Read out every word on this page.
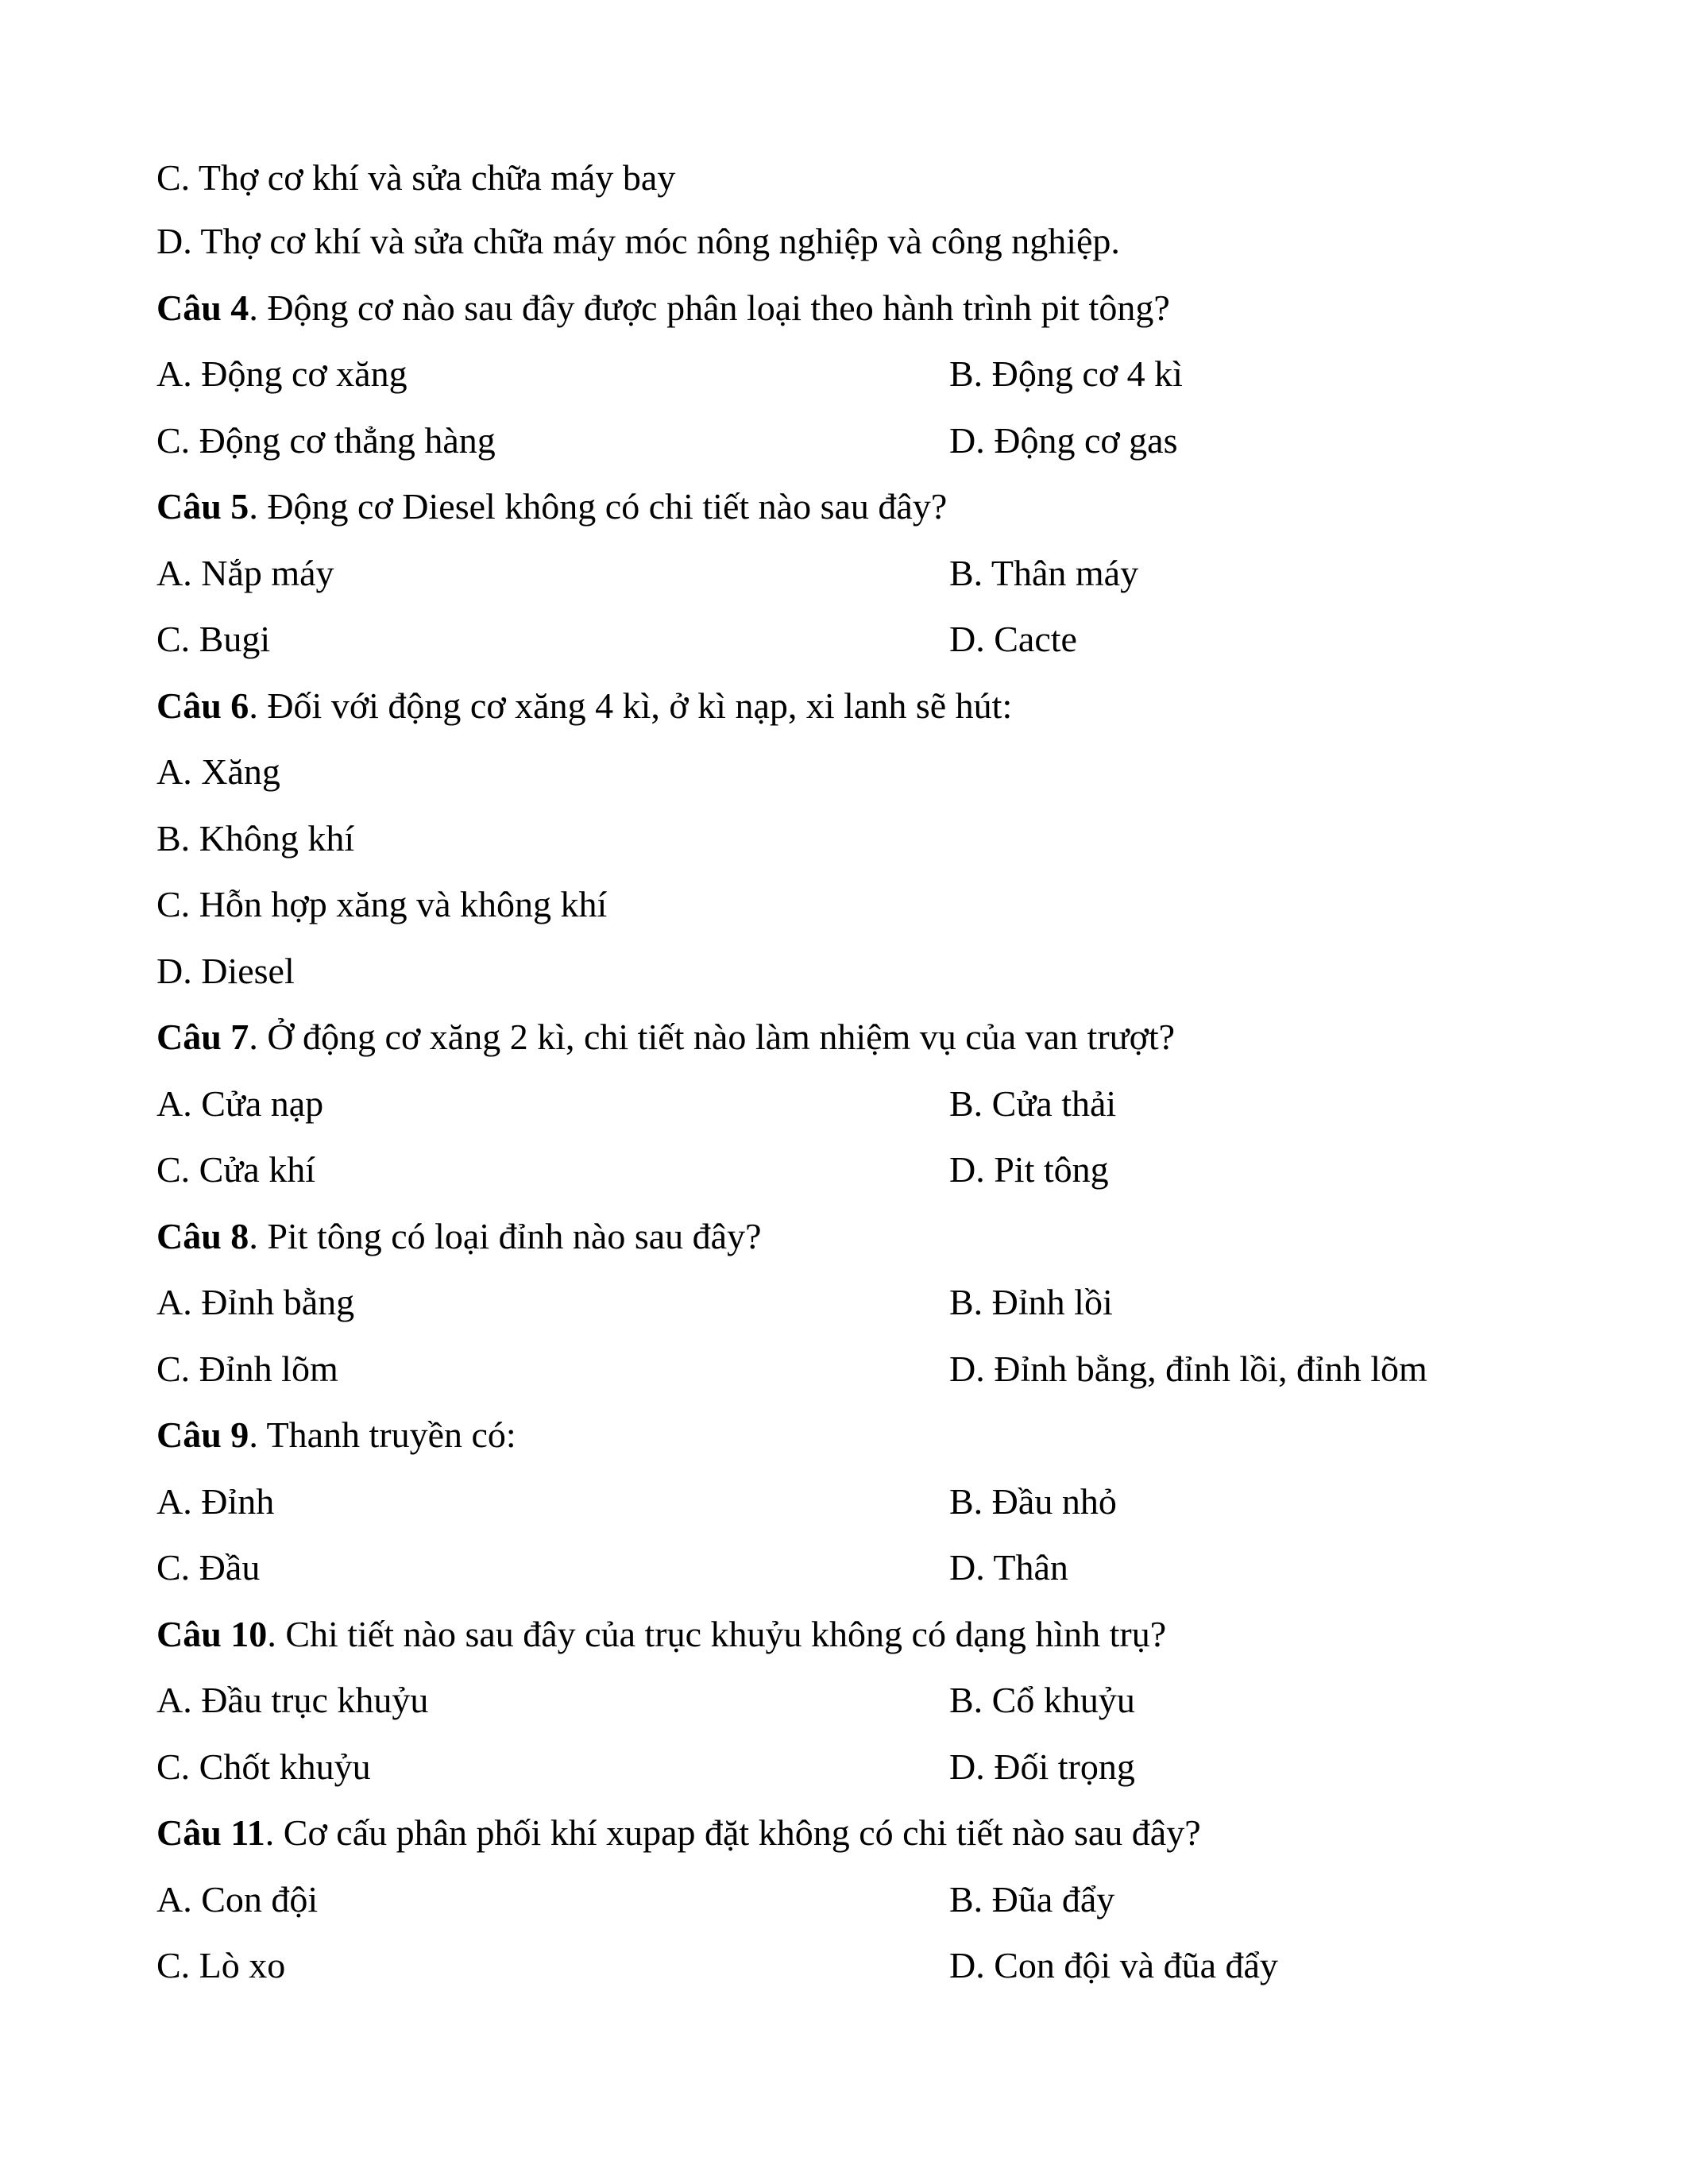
C. Thợ cơ khí và sửa chữa máy bay
D. Thợ cơ khí và sửa chữa máy móc nông nghiệp và công nghiệp.
Câu 4. Động cơ nào sau đây được phân loại theo hành trình pit tông?
A. Động cơ xăng	B. Động cơ 4 kì
C. Động cơ thẳng hàng	D. Động cơ gas
Câu 5. Động cơ Diesel không có chi tiết nào sau đây?
A. Nắp máy	B. Thân máy
C. Bugi	D. Cacte
Câu 6. Đối với động cơ xăng 4 kì, ở kì nạp, xi lanh sẽ hút:
A. Xăng
B. Không khí
C. Hỗn hợp xăng và không khí
D. Diesel
Câu 7. Ở động cơ xăng 2 kì, chi tiết nào làm nhiệm vụ của van trượt?
A. Cửa nạp	B. Cửa thải
C. Cửa khí	D. Pit tông
Câu 8. Pit tông có loại đỉnh nào sau đây?
A. Đỉnh bằng	B. Đỉnh lồi
C. Đỉnh lõm	D. Đỉnh bằng, đỉnh lồi, đỉnh lõm
Câu 9. Thanh truyền có:
A. Đỉnh	B. Đầu nhỏ
C. Đầu	D. Thân
Câu 10. Chi tiết nào sau đây của trục khuỷu không có dạng hình trụ?
A. Đầu trục khuỷu	B. Cổ khuỷu
C. Chốt khuỷu	D. Đối trọng
Câu 11. Cơ cấu phân phối khí xupap đặt không có chi tiết nào sau đây?
A. Con đội	B. Đũa đẩy
C. Lò xo	D. Con đội và đũa đẩy
